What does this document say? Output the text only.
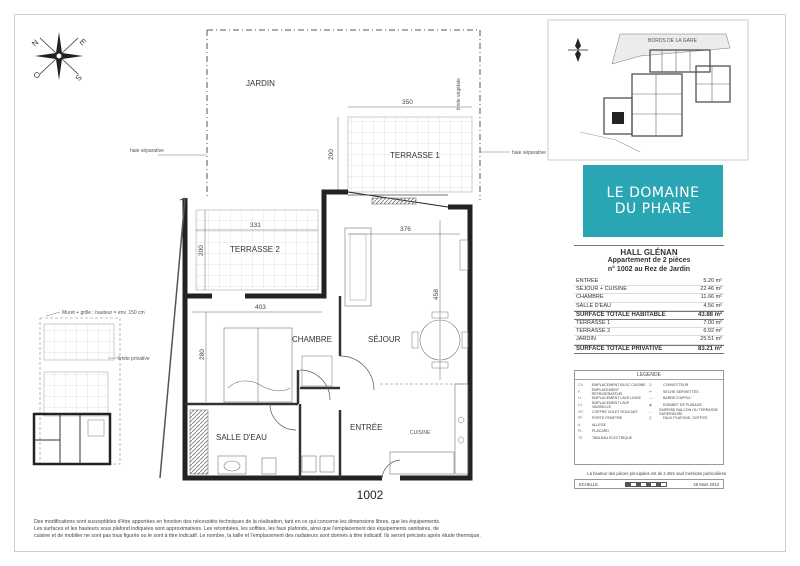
N	E
O	S
JARDIN	limite végétale
haie séparative	haie séparative
TERRASSE 1
350
200
TERRASSE 2
331
200
CHAMBRE
403
280
SALLE D'EAU
SÉJOUR
376
458
CUISINE
ENTRÉE
Muret + grille : hauteur = env. 150 cm
limite privative
BORDS DE LA GARE
1002
LE DOMAINE
DU PHARE
HALL GLÉNAN
Appartement de 2 pièces
n° 1002 au Rez de Jardin
ENTREE	5.20 m²
SEJOUR + CUISINE	22.46 m²
CHAMBRE	11.66 m²
SALLE D'EAU	4.56 m²
SURFACE TOTALE HABITABLE	43.88 m²
TERRASSE 1	7.00 m²
TERRASSE 2	6.92 m²
JARDIN	25.51 m²
SURFACE TOTALE PRIVATIVE	83.21 m²
LEGENDE
CU	EMPLACEMENT BLOC CUISINE
F	EMPLACEMENT REFRIGERATEUR
LL	EMPLACEMENT LAVE LINGE
LV	EMPLACEMENT LAVE VAISSELLE
VR	COFFRE VOLET ROULANT
PF	PORTE FENETRE
A	ALLEGE
PL	PLACARD
TE	TABLEAU ELECTRIQUE
⊡	CONVECTEUR
⊢	SECHE SERVIETTES
—	BARRE D'APPUI
◉	ROBINET DE PUISAGE
- -	EMPRISE BALCON OU TERRASSE SUPERIEURE
▒	FAUX PLAFOND, SOFFITE
La hauteur des pièces principales est de 2.45m sauf mentions particulières
ECHELLE	28 Mars 2013
Des modifications sont susceptibles d'être apportées en fonction des nécessités techniques de la réalisation, tant en ce qui concerne les dimensions libres, que les équipements.
Les surfaces et les hauteurs sous plafond indiquées sont approximatives. Les retombées, les soffites, les faux plafonds, ainsi que l'emplacement des équipements sanitaires, de
cuisine et de mobilier ne sont pas tous figurés ou le sont à titre indicatif. Le nombre, la taille et l'emplacement des radiateurs sont donnés à titre indicatif. Ils seront précisés après étude thermique.
